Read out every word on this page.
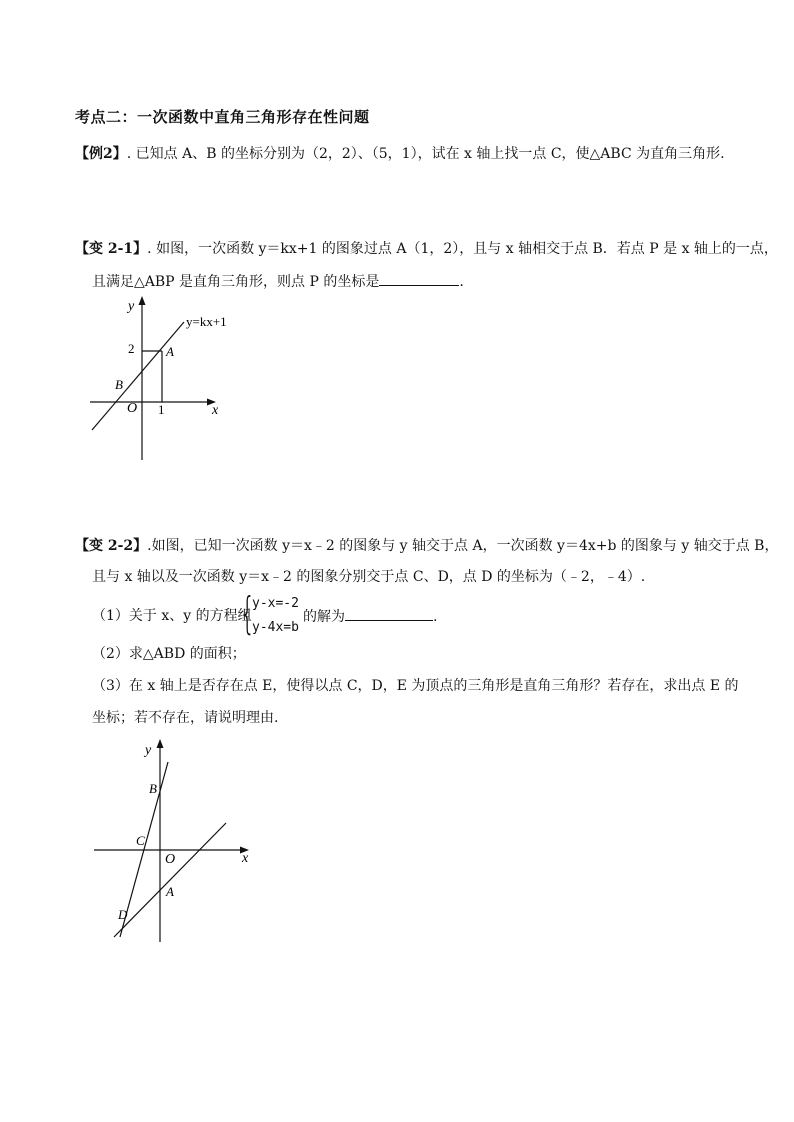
考点二：一次函数中直角三角形存在性问题
【例2】. 已知点 A、B 的坐标分别为（2，2）、（5，1），试在 x 轴上找一点 C，使△ABC 为直角三角形.
【变 2-1】. 如图，一次函数 y＝kx+1 的图象过点 A（1，2），且与 x 轴相交于点 B．若点 P 是 x 轴上的一点，
且满足△ABP 是直角三角形，则点 P 的坐标是	.
y
x
O
A
B
2
1
y=kx+1
【变 2-2】.如图，已知一次函数 y＝x﹣2 的图象与 y 轴交于点 A，一次函数 y＝4x+b 的图象与 y 轴交于点 B，
且与 x 轴以及一次函数 y＝x﹣2 的图象分别交于点 C、D，点 D 的坐标为（﹣2，﹣4）.
（1）关于 x、y 的方程组
{
y-x=-2
y-4x=b
的解为	.
（2）求△ABD 的面积；
（3）在 x 轴上是否存在点 E，使得以点 C，D，E 为顶点的三角形是直角三角形？若存在，求出点 E 的
坐标；若不存在，请说明理由.
y
x
O
B
C
A
D
